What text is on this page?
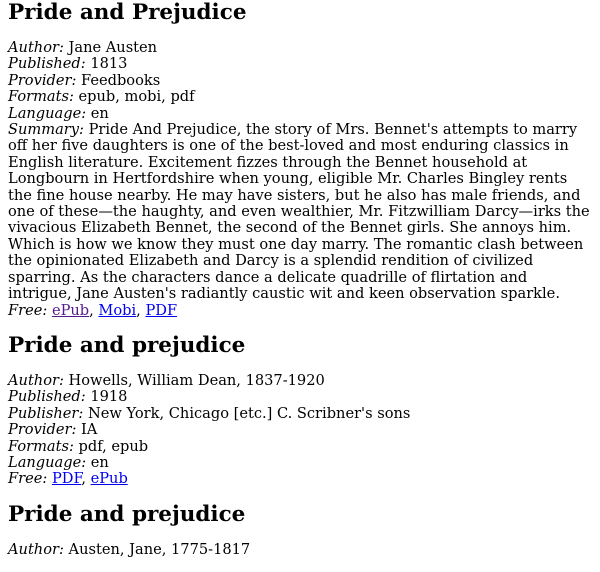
Pride and Prejudice

Author: Jane Austen

Published: 1813

Provider: Feedbooks

Formats: epub, mobi, pdf

Language: en

Summary: Pride And Prejudice, the story of Mrs. Bennet's attempts to marry off her five daughters is one of the best-loved and most enduring classics in English literature. Excitement fizzes through the Bennet household at Longbourn in Hertfordshire when young, eligible Mr. Charles Bingley rents the fine house nearby. He may have sisters, but he also has male friends, and one of these—the haughty, and even wealthier, Mr. Fitzwilliam Darcy—irks the vivacious Elizabeth Bennet, the second of the Bennet girls. She annoys him. Which is how we know they must one day marry. The romantic clash between the opinionated Elizabeth and Darcy is a splendid rendition of civilized sparring. As the characters dance a delicate quadrille of flirtation and intrigue, Jane Austen's radiantly caustic wit and keen observation sparkle.

Free: ePub, Mobi, PDF

Pride and prejudice

Author: Howells, William Dean, 1837-1920

Published: 1918

Publisher: New York, Chicago [etc.] C. Scribner's sons

Provider: IA

Formats: pdf, epub

Language: en

Free: PDF, ePub

Pride and prejudice

Author: Austen, Jane, 1775-1817
